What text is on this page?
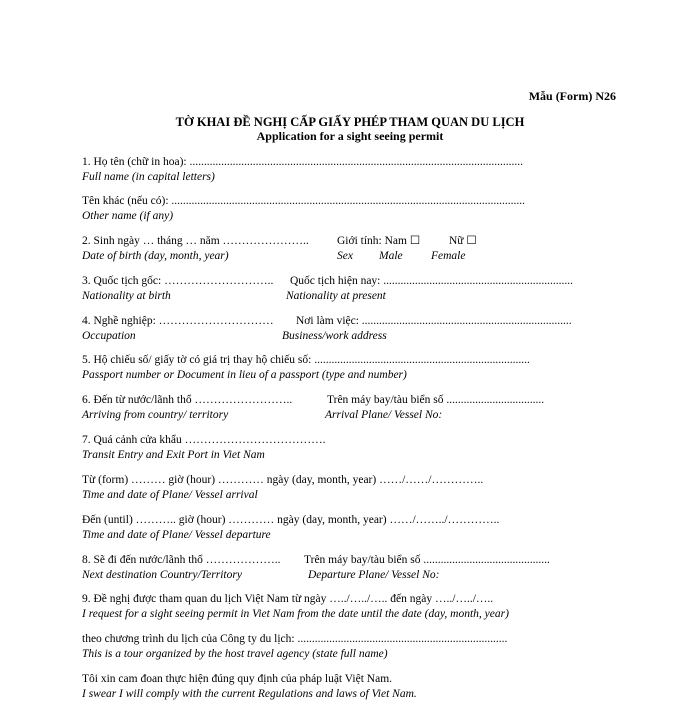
Mẫu (Form) N26
TỜ KHAI ĐỀ NGHỊ CẤP GIẤY PHÉP THAM QUAN DU LỊCH
Application for a sight seeing permit
1. Họ tên (chữ in hoa): ....................................................................................................................
Full name (in capital letters)
Tên khác (nếu có): ...........................................................................................................................
Other name (if any)
2. Sinh ngày … tháng … năm ………………….. Giới tính: Nam ☐	Nữ ☐
Date of birth (day, month, year)	Sex Male Female
3. Quốc tịch gốc: ……………………….. Quốc tịch hiện nay: ..................................................................
Nationality at birth	Nationality at present
4. Nghề nghiệp: ………………………… Nơi làm việc: .........................................................................
Occupation	Business/work address
5. Hộ chiếu số/ giấy tờ có giá trị thay hộ chiếu số: ...........................................................................
Passport number or Document in lieu of a passport (type and number)
6. Đến từ nước/lãnh thổ ……………………..	Trên máy bay/tàu biển số ..................................
Arriving from country/ territory	Arrival Plane/ Vessel No:
7. Quá cảnh cửa khẩu ……………………………….
Transit Entry and Exit Port in Viet Nam
Từ (form) ……… giờ (hour) ………… ngày (day, month, year) ……/……/…………..
Time and date of Plane/ Vessel arrival
Đến (until) ……….. giờ (hour) ………… ngày (day, month, year) ……/……../…………..
Time and date of Plane/ Vessel departure
8. Sẽ đi đến nước/lãnh thổ ……………….. Trên máy bay/tàu biển số ............................................
Next destination Country/Territory	Departure Plane/ Vessel No:
9. Đề nghị được tham quan du lịch Việt Nam từ ngày …../…../….. đến ngày …../…../…..
I request for a sight seeing permit in Viet Nam from the date until the date (day, month, year)
theo chương trình du lịch của Công ty du lịch: .........................................................................
This is a tour organized by the host travel agency (state full name)
Tôi xin cam đoan thực hiện đúng quy định của pháp luật Việt Nam.
I swear I will comply with the current Regulations and laws of Viet Nam.
